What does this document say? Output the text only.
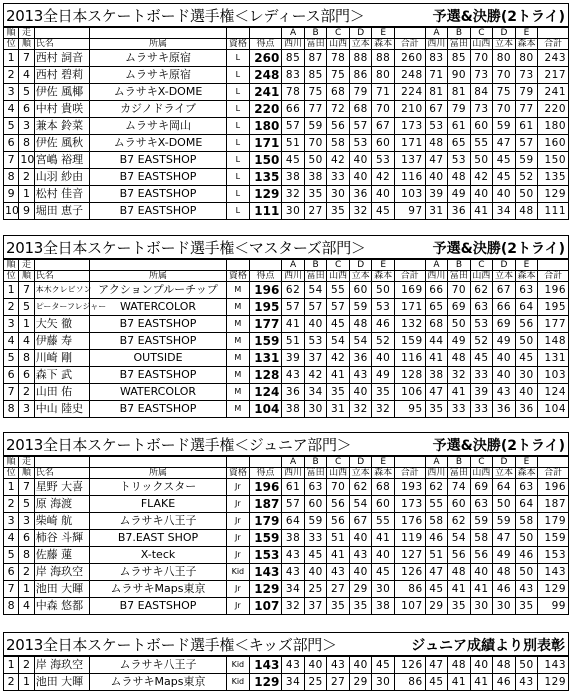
2013全日本スケートボード選手権＜レディース部門＞	予選&決勝(2トライ)
順	走					A	B	C	D	E		A	B	C	D	E	
位	順	氏名	所属	資格	得点	西川	冨田	山西	立本	森本	合計	西川	冨田	山西	立本	森本	合計
1	7	西村 詞音	ムラサキ原宿	L	260	85	87	78	88	88	260	83	85	70	80	80	243
2	4	西村 碧莉	ムラサキ原宿	L	248	83	85	75	86	80	248	71	90	73	70	73	217
3	5	伊佐 風椰	ムラサキX-DOME	L	241	78	75	68	79	71	224	81	81	84	75	79	241
4	6	中村 貴咲	カジノドライブ	L	220	66	77	72	68	70	210	67	79	73	70	77	220
5	3	兼本 鈴菜	ムラサキ岡山	L	180	57	59	56	57	67	173	53	61	60	59	61	180
6	8	伊佐 風秋	ムラサキX-DOME	L	171	51	70	58	53	60	171	48	65	55	47	57	160
7	10	宮嶋 裕理	B7 EASTSHOP	L	150	45	50	42	40	53	137	47	53	50	45	59	150
8	2	山羽 紗由	B7 EASTSHOP	L	135	38	38	33	40	42	116	40	48	42	45	52	135
9	1	松村 佳音	B7 EASTSHOP	L	129	32	35	30	36	40	103	39	49	40	40	50	129
10	9	堀田 恵子	B7 EASTSHOP	L	111	30	27	35	32	45	97	31	36	41	34	48	111
2013全日本スケートボード選手権＜マスターズ部門＞	予選&決勝(2トライ)
順	走					A	B	C	D	E		A	B	C	D	E	
位	順	氏名	所属	資格	得点	西川	冨田	山西	立本	森本	合計	西川	冨田	山西	立本	森本	合計
1	7	本木クレビソン	アクションプルーチップ	M	196	62	54	55	60	50	169	66	70	62	67	63	196
2	5	ピーターフレジャー	WATERCOLOR	M	195	57	57	57	59	53	171	65	69	63	66	64	195
3	1	大矢 徹	B7 EASTSHOP	M	177	41	40	45	48	46	132	68	50	53	69	56	177
4	4	伊藤 寿	B7 EASTSHOP	M	159	51	53	54	54	52	159	44	49	52	49	50	148
5	8	川崎 剛	OUTSIDE	M	131	39	37	42	36	40	116	41	48	45	40	45	131
6	6	森下 武	B7 EASTSHOP	M	128	43	42	41	43	49	128	38	32	33	40	30	103
7	2	山田 佑	WATERCOLOR	M	124	36	34	35	40	35	106	47	41	39	43	40	124
8	3	中山 陸史	B7 EASTSHOP	M	104	38	30	31	32	32	95	35	33	33	36	36	104
2013全日本スケートボード選手権＜ジュニア部門＞	予選&決勝(2トライ)
順	走					A	B	C	D	E		A	B	C	D	E	
位	順	氏名	所属	資格	得点	西川	冨田	山西	立本	森本	合計	西川	冨田	山西	立本	森本	合計
1	7	星野 大喜	トリックスター	Jr	196	61	63	70	62	68	193	62	74	69	64	63	196
2	5	原 海渡	FLAKE	Jr	187	57	60	56	54	60	173	55	60	63	50	64	187
3	3	柴崎 航	ムラサキ八王子	Jr	179	64	59	56	67	55	176	58	62	59	59	58	179
4	6	柿谷 斗輝	B7.EAST SHOP	Jr	159	38	33	51	40	41	119	46	54	58	47	50	159
5	8	佐藤 蓮	X-teck	Jr	153	43	45	41	43	40	127	51	56	56	49	46	153
6	2	岸 海玖空	ムラサキ八王子	Kid	143	43	40	43	40	45	126	47	48	40	48	50	143
7	1	池田 大暉	ムラサキMaps東京	Jr	129	34	25	27	29	30	86	45	41	41	46	43	129
8	4	中森 悠都	B7 EASTSHOP	Jr	107	32	37	35	35	38	107	29	35	30	30	35	99
2013全日本スケートボード選手権＜キッズ部門＞	ジュニア成績より別表彰
1	2	岸 海玖空	ムラサキ八王子	Kid	143	43	40	43	40	45	126	47	48	40	48	50	143
2	1	池田 大暉	ムラサキMaps東京	Kid	129	34	25	27	29	30	86	45	41	41	46	43	129
